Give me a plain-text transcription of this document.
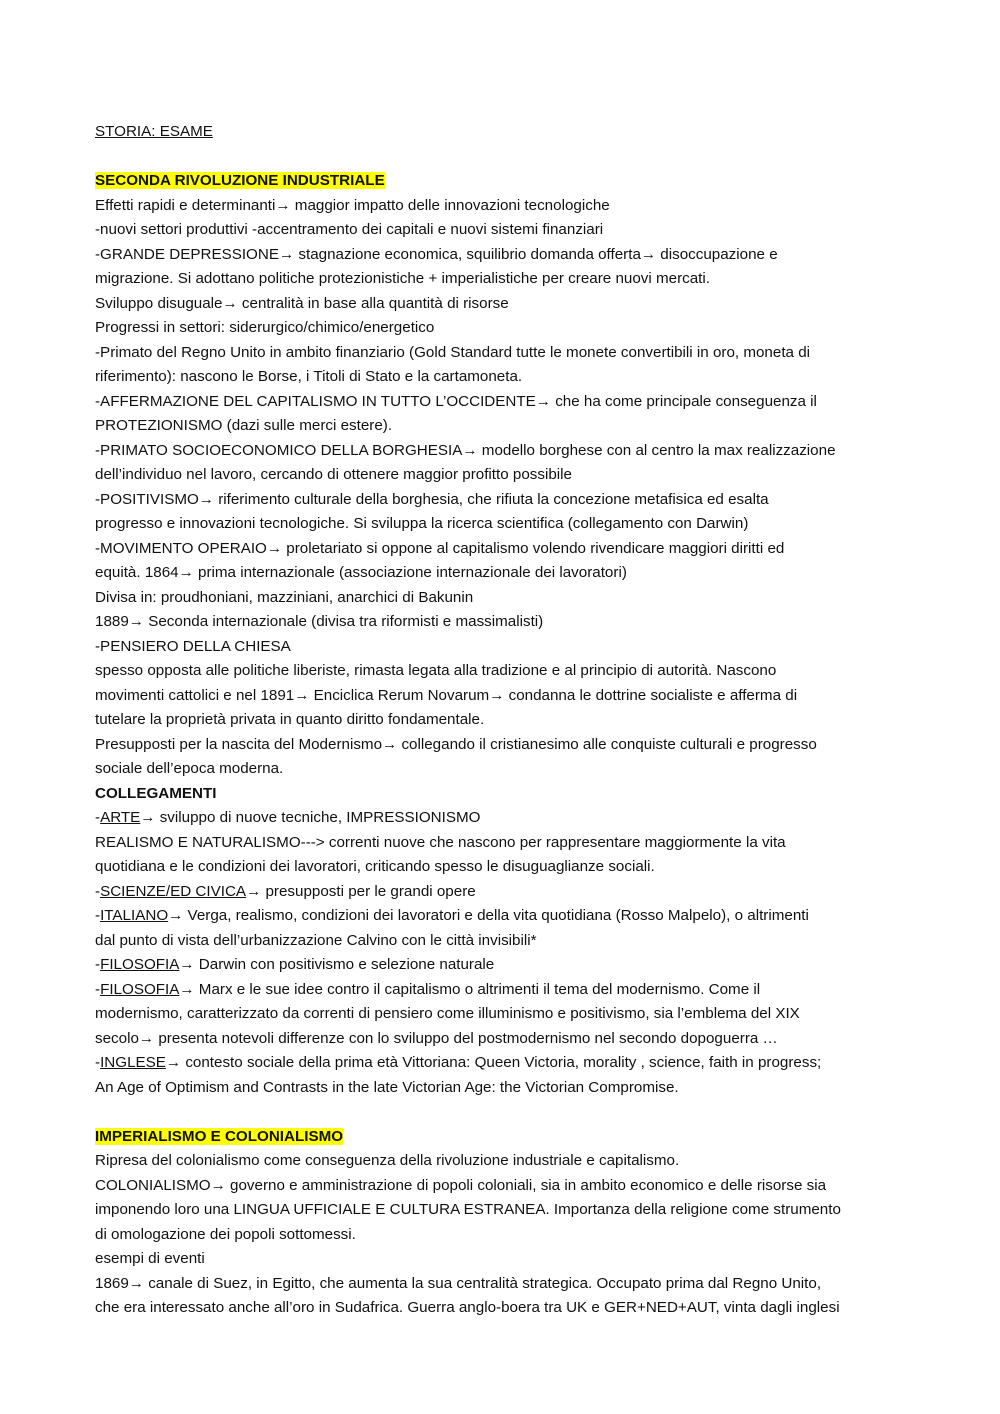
STORIA: ESAME
SECONDA RIVOLUZIONE INDUSTRIALE
Effetti rapidi e determinanti→ maggior impatto delle innovazioni tecnologiche
-nuovi settori produttivi -accentramento dei capitali e nuovi sistemi finanziari
-GRANDE DEPRESSIONE→ stagnazione economica, squilibrio domanda offerta→ disoccupazione e
migrazione. Si adottano politiche protezionistiche + imperialistiche per creare nuovi mercati.
Sviluppo disuguale→ centralità in base alla quantità di risorse
Progressi in settori: siderurgico/chimico/energetico
-Primato del Regno Unito in ambito finanziario (Gold Standard tutte le monete convertibili in oro, moneta di
riferimento): nascono le Borse, i Titoli di Stato e la cartamoneta.
-AFFERMAZIONE DEL CAPITALISMO IN TUTTO L’OCCIDENTE→ che ha come principale conseguenza il
PROTEZIONISMO (dazi sulle merci estere).
-PRIMATO SOCIOECONOMICO DELLA BORGHESIA→ modello borghese con al centro la max realizzazione
dell’individuo nel lavoro, cercando di ottenere maggior profitto possibile
-POSITIVISMO→ riferimento culturale della borghesia, che rifiuta la concezione metafisica ed esalta
progresso e innovazioni tecnologiche. Si sviluppa la ricerca scientifica (collegamento con Darwin)
-MOVIMENTO OPERAIO→ proletariato si oppone al capitalismo volendo rivendicare maggiori diritti ed
equità. 1864→ prima internazionale (associazione internazionale dei lavoratori)
Divisa in: proudhoniani, mazziniani, anarchici di Bakunin
1889→ Seconda internazionale (divisa tra riformisti e massimalisti)
-PENSIERO DELLA CHIESA
spesso opposta alle politiche liberiste, rimasta legata alla tradizione e al principio di autorità. Nascono
movimenti cattolici e nel 1891→ Enciclica Rerum Novarum→ condanna le dottrine socialiste e afferma di
tutelare la proprietà privata in quanto diritto fondamentale.
Presupposti per la nascita del Modernismo→ collegando il cristianesimo alle conquiste culturali e progresso
sociale dell’epoca moderna.
COLLEGAMENTI
-ARTE→ sviluppo di nuove tecniche, IMPRESSIONISMO
REALISMO E NATURALISMO---> correnti nuove che nascono per rappresentare maggiormente la vita
quotidiana e le condizioni dei lavoratori, criticando spesso le disuguaglianze sociali.
-SCIENZE/ED CIVICA→ presupposti per le grandi opere
-ITALIANO→ Verga, realismo, condizioni dei lavoratori e della vita quotidiana (Rosso Malpelo), o altrimenti
dal punto di vista dell’urbanizzazione Calvino con le città invisibili*
-FILOSOFIA→ Darwin con positivismo e selezione naturale
-FILOSOFIA→ Marx e le sue idee contro il capitalismo o altrimenti il tema del modernismo. Come il
modernismo, caratterizzato da correnti di pensiero come illuminismo e positivismo, sia l’emblema del XIX
secolo→ presenta notevoli differenze con lo sviluppo del postmodernismo nel secondo dopoguerra …
-INGLESE→ contesto sociale della prima età Vittoriana: Queen Victoria, morality , science, faith in progress;
An Age of Optimism and Contrasts in the late Victorian Age: the Victorian Compromise.
IMPERIALISMO E COLONIALISMO
Ripresa del colonialismo come conseguenza della rivoluzione industriale e capitalismo.
COLONIALISMO→ governo e amministrazione di popoli coloniali, sia in ambito economico e delle risorse sia
imponendo loro una LINGUA UFFICIALE E CULTURA ESTRANEA. Importanza della religione come strumento
di omologazione dei popoli sottomessi.
esempi di eventi
1869→ canale di Suez, in Egitto, che aumenta la sua centralità strategica. Occupato prima dal Regno Unito,
che era interessato anche all’oro in Sudafrica. Guerra anglo-boera tra UK e GER+NED+AUT, vinta dagli inglesi
